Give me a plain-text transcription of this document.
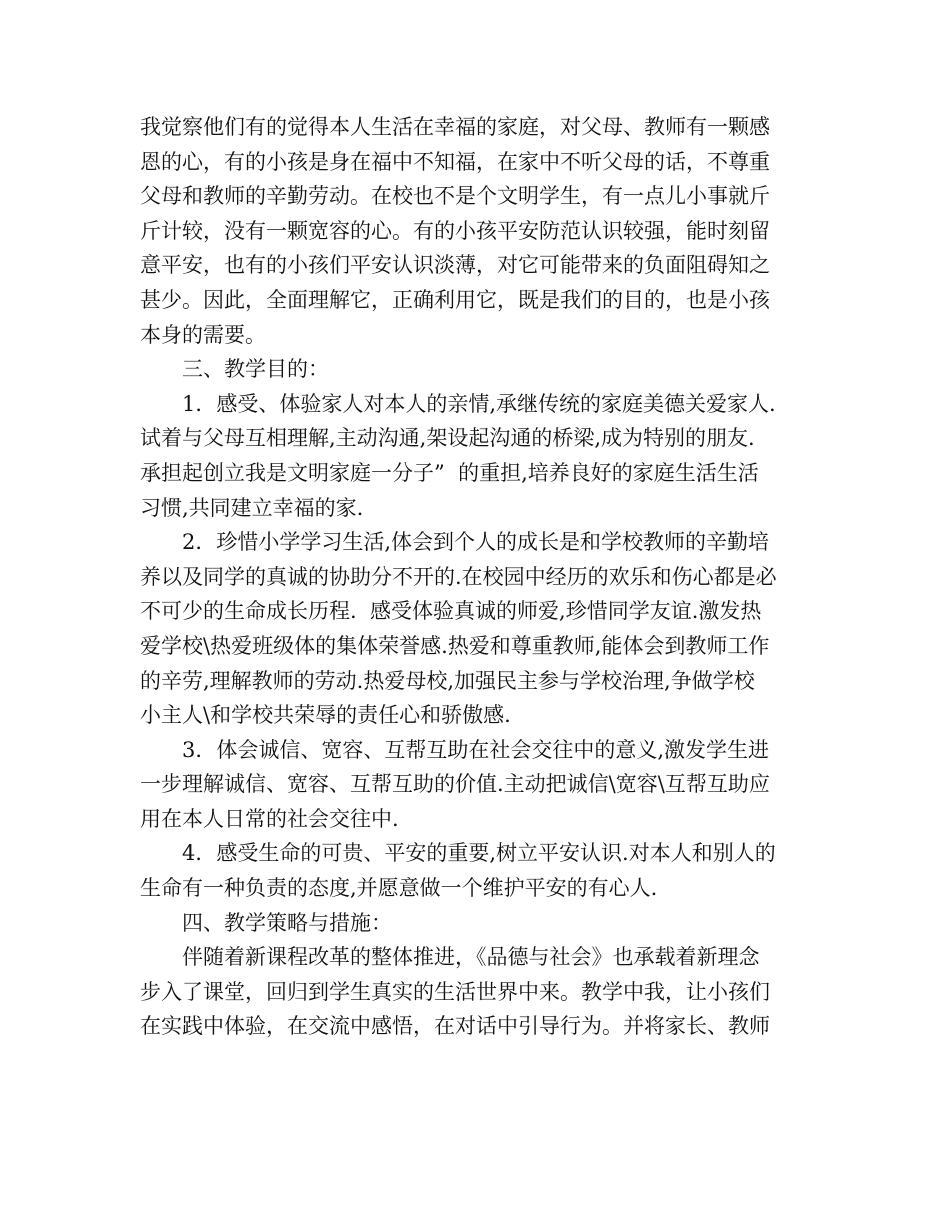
我觉察他们有的觉得本人生活在幸福的家庭，对父母、教师有一颗感
恩的心，有的小孩是身在福中不知福，在家中不听父母的话，不尊重
父母和教师的辛勤劳动。在校也不是个文明学生，有一点儿小事就斤
斤计较，没有一颗宽容的心。有的小孩平安防范认识较强，能时刻留
意平安，也有的小孩们平安认识淡薄，对它可能带来的负面阻碍知之
甚少。因此，全面理解它，正确利用它，既是我们的目的，也是小孩
本身的需要。
三、教学目的：
1．感受、体验家人对本人的亲情,承继传统的家庭美德关爱家人.
试着与父母互相理解,主动沟通,架设起沟通的桥梁,成为特别的朋友.
承担起创立我是文明家庭一分子”  的重担,培养良好的家庭生活生活
习惯,共同建立幸福的家.
2．珍惜小学学习生活,体会到个人的成长是和学校教师的辛勤培
养以及同学的真诚的协助分不开的.在校园中经历的欢乐和伤心都是必
不可少的生命成长历程.  感受体验真诚的师爱,珍惜同学友谊.激发热
爱学校\热爱班级体的集体荣誉感.热爱和尊重教师,能体会到教师工作
的辛劳,理解教师的劳动.热爱母校,加强民主参与学校治理,争做学校
小主人\和学校共荣辱的责任心和骄傲感.
3．体会诚信、宽容、互帮互助在社会交往中的意义,激发学生进
一步理解诚信、宽容、互帮互助的价值.主动把诚信\宽容\互帮互助应
用在本人日常的社会交往中.
4．感受生命的可贵、平安的重要,树立平安认识.对本人和别人的
生命有一种负责的态度,并愿意做一个维护平安的有心人.
四、教学策略与措施：
伴随着新课程改革的整体推进，《品德与社会》也承载着新理念
步入了课堂，回归到学生真实的生活世界中来。教学中我，让小孩们
在实践中体验，在交流中感悟，在对话中引导行为。并将家长、教师
